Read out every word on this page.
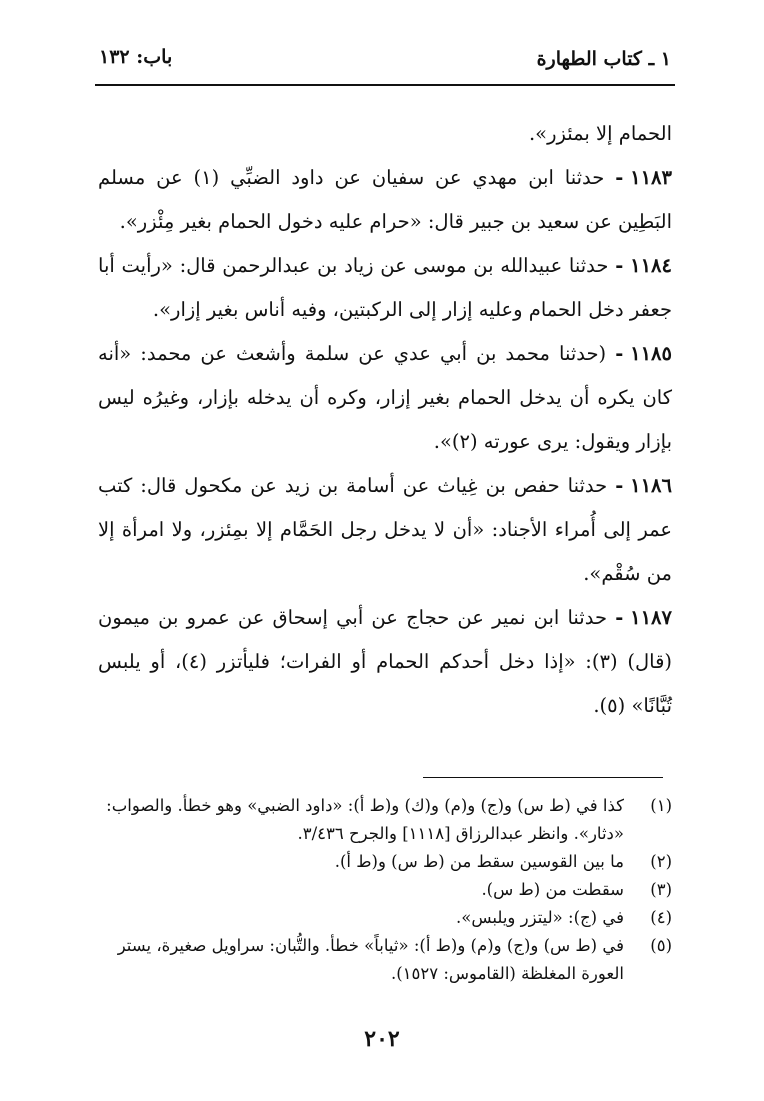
١ ـ كتاب الطهارة
باب: ١٣٢

الحمام إلا بمئزر».

١١٨٣ - حدثنا ابن مهدي عن سفيان عن داود الضبِّي (١) عن مسلم البَطِين عن سعيد بن جبير قال: «حرام عليه دخول الحمام بغير مِئْزر».

١١٨٤ - حدثنا عبيدالله بن موسى عن زياد بن عبدالرحمن قال: «رأيت أبا جعفر دخل الحمام وعليه إزار إلى الركبتين، وفيه أناس بغير إزار».

١١٨٥ - (حدثنا محمد بن أبي عدي عن سلمة وأشعث عن محمد: «أنه كان يكره أن يدخل الحمام بغير إزار، وكره أن يدخله بإزار، وغيرُه ليس بإزار ويقول: يرى عورته (٢)».

١١٨٦ - حدثنا حفص بن غِياث عن أسامة بن زيد عن مكحول قال: كتب عمر إلى أُمراء الأجناد: «أن لا يدخل رجل الحَمَّام إلا بمِئزر، ولا امرأة إلا من سُقْم».

١١٨٧ - حدثنا ابن نمير عن حجاج عن أبي إسحاق عن عمرو بن ميمون (قال) (٣): «إذا دخل أحدكم الحمام أو الفرات؛ فليأتزر (٤)، أو يلبس تُبَّانًا» (٥).

(١)
كذا في (ط س) و(ج) و(م) و(ك) و(ط أ): «داود الضبي» وهو خطأ. والصواب: «دثار». وانظر عبدالرزاق [١١١٨] والجرح ٣/٤٣٦.

(٢)
ما بين القوسين سقط من (ط س) و(ط أ).

(٣)
سقطت من (ط س).

(٤)
في (ج): «ليتزر ويلبس».

(٥)
في (ط س) و(ج) و(م) و(ط أ): «ثياباً» خطأ. والتُّبان: سراويل صغيرة، يستر العورة المغلظة (القاموس: ١٥٢٧).

٢٠٢
